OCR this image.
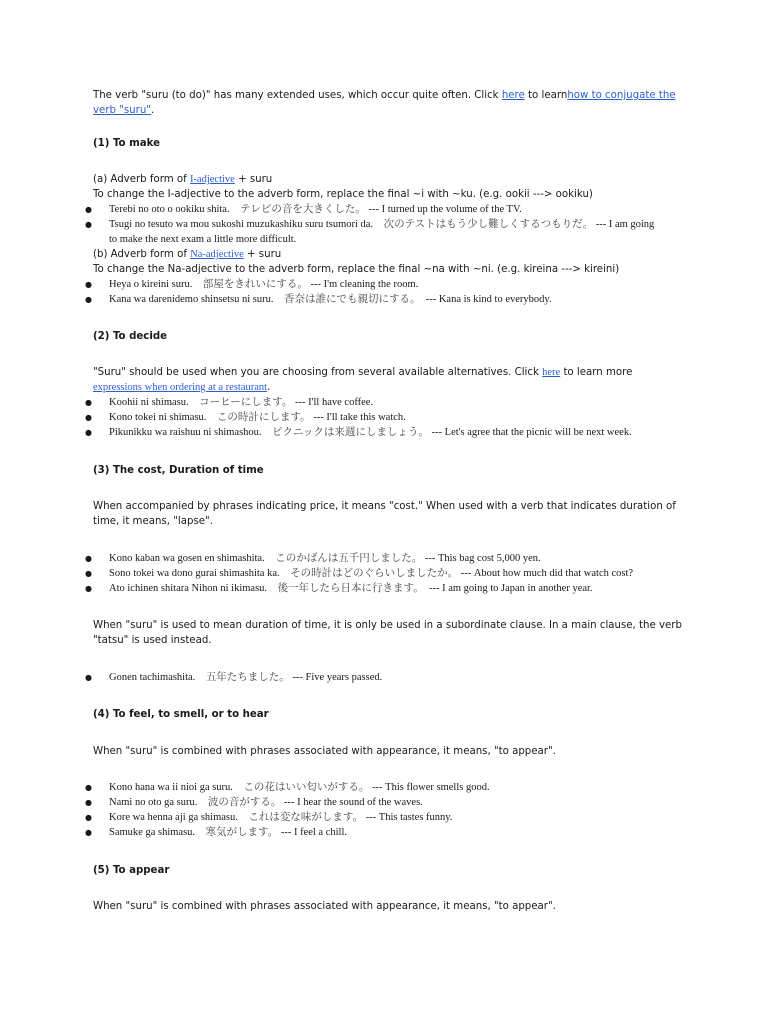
The verb "suru (to do)" has many extended uses, which occur quite often. Click here to learnhow to conjugate the verb "suru".

(1) To make

(a) Adverb form of I-adjective + suru

To change the I-adjective to the adverb form, replace the final ~i with ~ku. (e.g. ookii ---> ookiku)

● Terebi no oto o ookiku shita. テレビの音を大きくした。 --- I turned up the volume of the TV.

● Tsugi no tesuto wa mou sukoshi muzukashiku suru tsumori da. 次のテストはもう少し難しくするつもりだ。 --- I am going to make the next exam a little more difficult.

(b) Adverb form of Na-adjective + suru

To change the Na-adjective to the adverb form, replace the final ~na with ~ni. (e.g. kireina ---> kireini)

● Heya o kireini suru. 部屋をきれいにする。 --- I'm cleaning the room.

● Kana wa darenidemo shinsetsu ni suru. 香奈は誰にでも親切にする。 --- Kana is kind to everybody.

(2) To decide

"Suru" should be used when you are choosing from several available alternatives. Click here to learn more expressions when ordering at a restaurant.

● Koohii ni shimasu. コーヒーにします。 --- I'll have coffee.

● Kono tokei ni shimasu. この時計にします。 --- I'll take this watch.

● Pikunikku wa raishuu ni shimashou. ピクニックは来週にしましょう。 --- Let's agree that the picnic will be next week.

(3) The cost, Duration of time

When accompanied by phrases indicating price, it means "cost." When used with a verb that indicates duration of time, it means, "lapse".

● Kono kaban wa gosen en shimashita. このかばんは五千円しました。 --- This bag cost 5,000 yen.

● Sono tokei wa dono gurai shimashita ka. その時計はどのぐらいしましたか。 --- About how much did that watch cost?

● Ato ichinen shitara Nihon ni ikimasu. 後一年したら日本に行きます。 --- I am going to Japan in another year.

When "suru" is used to mean duration of time, it is only be used in a subordinate clause. In a main clause, the verb "tatsu" is used instead.

● Gonen tachimashita. 五年たちました。 --- Five years passed.

(4) To feel, to smell, or to hear

When "suru" is combined with phrases associated with appearance, it means, "to appear".

● Kono hana wa ii nioi ga suru. この花はいい匂いがする。 --- This flower smells good.

● Nami no oto ga suru. 波の音がする。 --- I hear the sound of the waves.

● Kore wa henna aji ga shimasu. これは変な味がします。 --- This tastes funny.

● Samuke ga shimasu. 寒気がします。 --- I feel a chill.

(5) To appear

When "suru" is combined with phrases associated with appearance, it means, "to appear".
